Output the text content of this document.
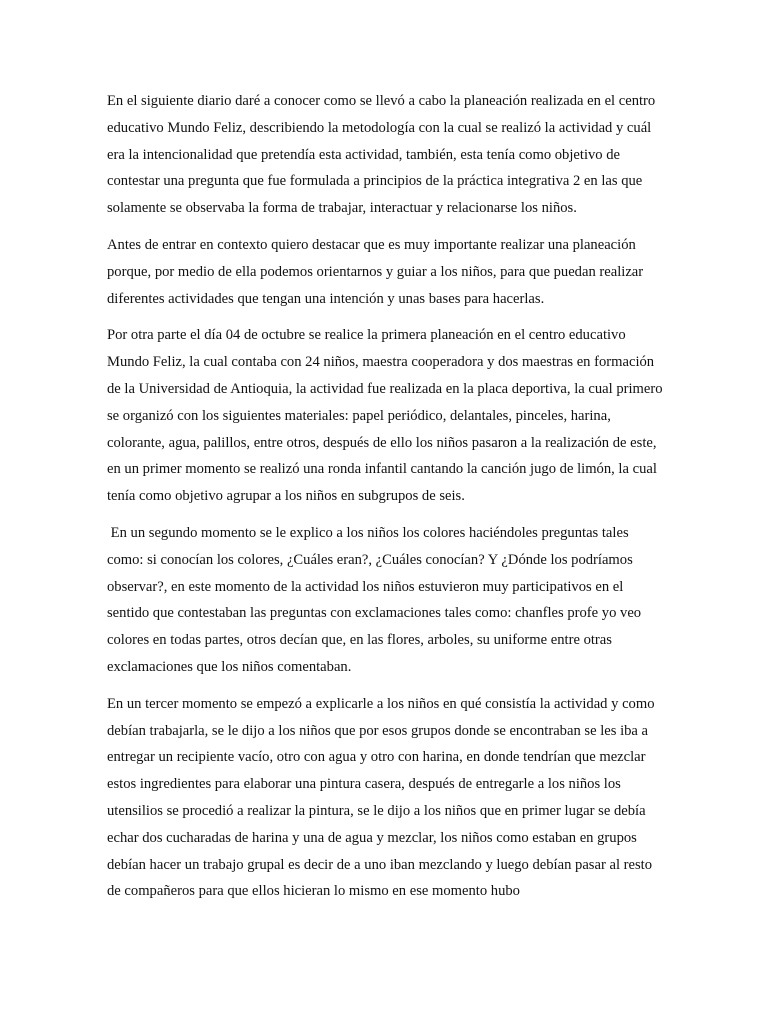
En el siguiente diario daré a conocer como se llevó a cabo la planeación realizada en el centro educativo Mundo Feliz, describiendo la metodología con la cual se realizó la actividad y cuál era la intencionalidad que pretendía esta actividad, también, esta tenía como objetivo de contestar una pregunta que fue formulada a principios de la práctica integrativa 2 en las que solamente se observaba la forma de trabajar, interactuar y relacionarse los niños.

Antes de entrar en contexto quiero destacar que es muy importante realizar una planeación porque, por medio de ella podemos orientarnos y guiar a los niños, para que puedan realizar diferentes actividades que tengan una intención y unas bases para hacerlas.

Por otra parte el día 04 de octubre se realice la primera planeación en el centro educativo Mundo Feliz, la cual contaba con 24 niños, maestra cooperadora y dos maestras en formación de la Universidad de Antioquia, la actividad fue realizada en la placa deportiva, la cual primero se organizó con los siguientes materiales: papel periódico, delantales, pinceles, harina, colorante, agua, palillos, entre otros, después de ello los niños pasaron a la realización de este, en un primer momento se realizó una ronda infantil cantando la canción jugo de limón, la cual tenía como objetivo agrupar a los niños en subgrupos de seis.

En un segundo momento se le explico a los niños los colores haciéndoles preguntas tales como: si conocían los colores, ¿Cuáles eran?, ¿Cuáles conocían? Y ¿Dónde los podríamos observar?, en este momento de la actividad los niños estuvieron muy participativos en el sentido que contestaban las preguntas con exclamaciones tales como: chanfles profe yo veo colores en todas partes, otros decían que, en las flores, arboles, su uniforme entre otras exclamaciones que los niños comentaban.

En un tercer momento se empezó a explicarle a los niños en qué consistía la actividad y como debían trabajarla, se le dijo a los niños que por esos grupos donde se encontraban se les iba a entregar un recipiente vacío, otro con agua y otro con harina, en donde tendrían que mezclar estos ingredientes para elaborar una pintura casera, después de entregarle a los niños los utensilios se procedió a realizar la pintura, se le dijo a los niños que en primer lugar se debía echar dos cucharadas de harina y una de agua y mezclar, los niños como estaban en grupos debían hacer un trabajo grupal es decir de a uno iban mezclando y luego debían pasar al resto de compañeros para que ellos hicieran lo mismo en ese momento hubo
